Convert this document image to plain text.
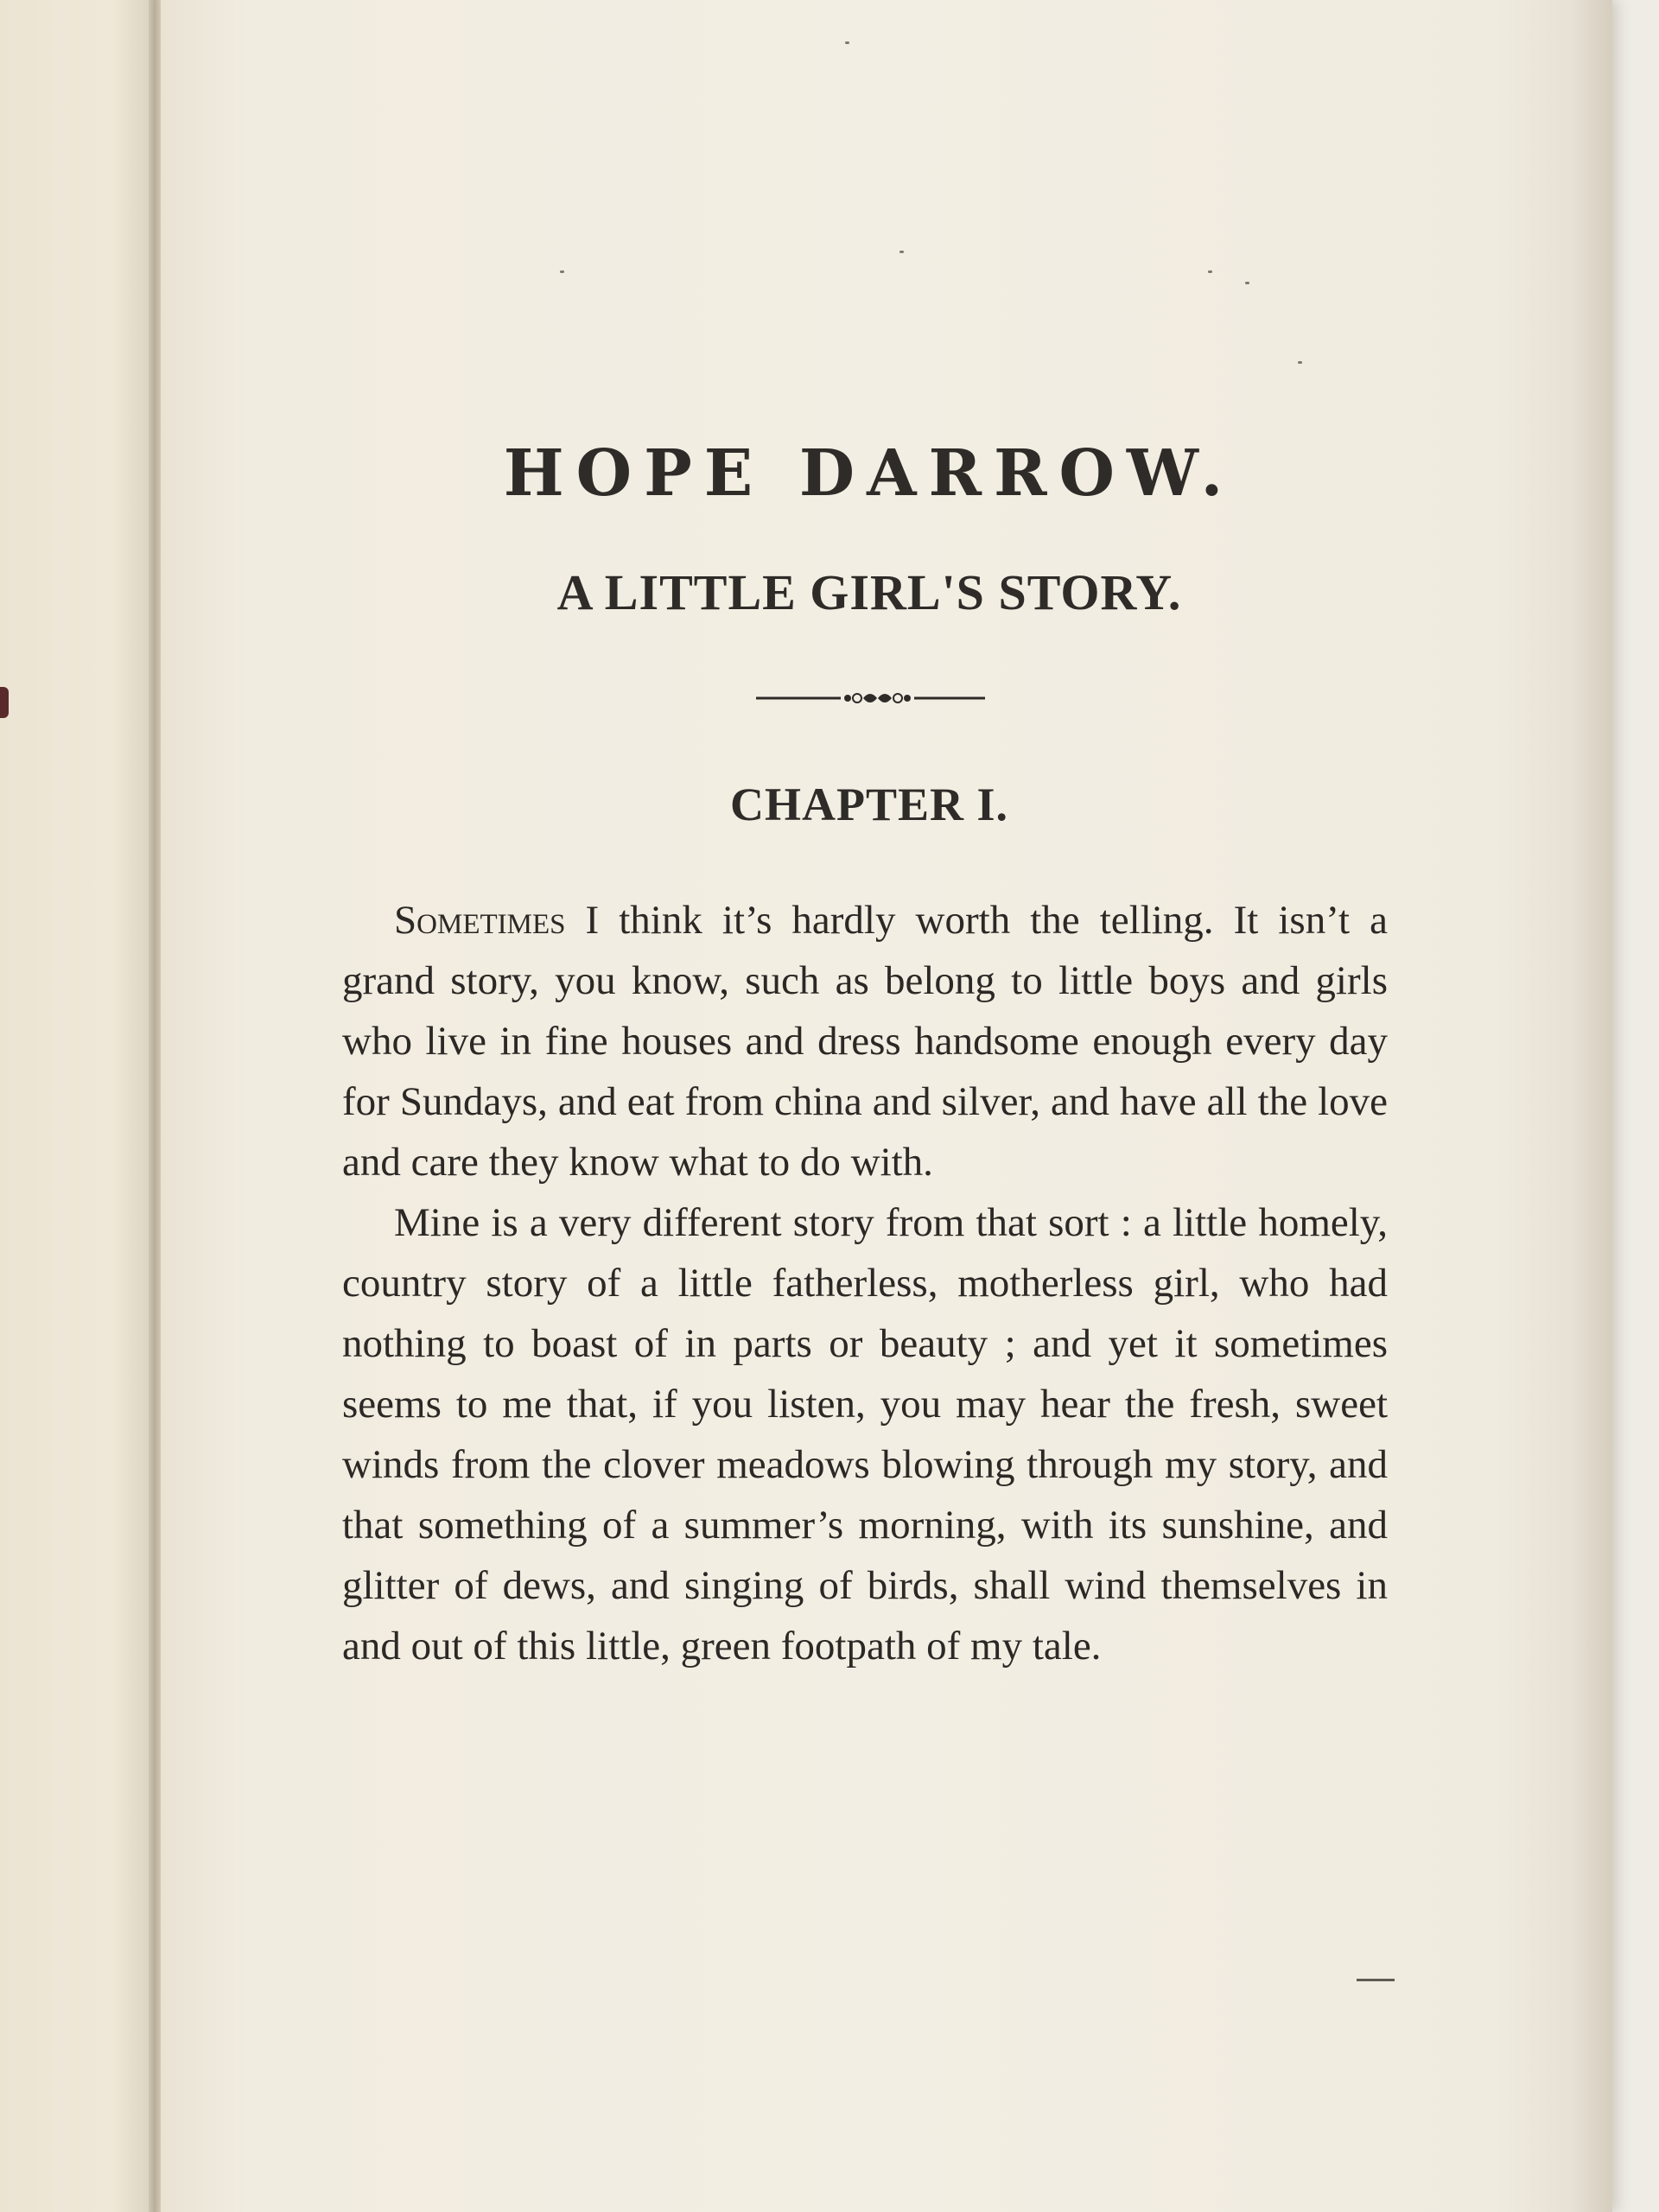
HOPE DARROW.
A LITTLE GIRL'S STORY.
CHAPTER I.

Sometimes I think it’s hardly worth the telling. It isn’t a grand story, you know, such as belong to little boys and girls who live in fine houses and dress handsome enough every day for Sundays, and eat from china and silver, and have all the love and care they know what to do with.

Mine is a very different story from that sort : a little homely, country story of a little fatherless, motherless girl, who had nothing to boast of in parts or beauty ; and yet it sometimes seems to me that, if you listen, you may hear the fresh, sweet winds from the clover meadows blowing through my story, and that something of a summer’s morning, with its sunshine, and glitter of dews, and singing of birds, shall wind themselves in and out of this little, green footpath of my tale.
